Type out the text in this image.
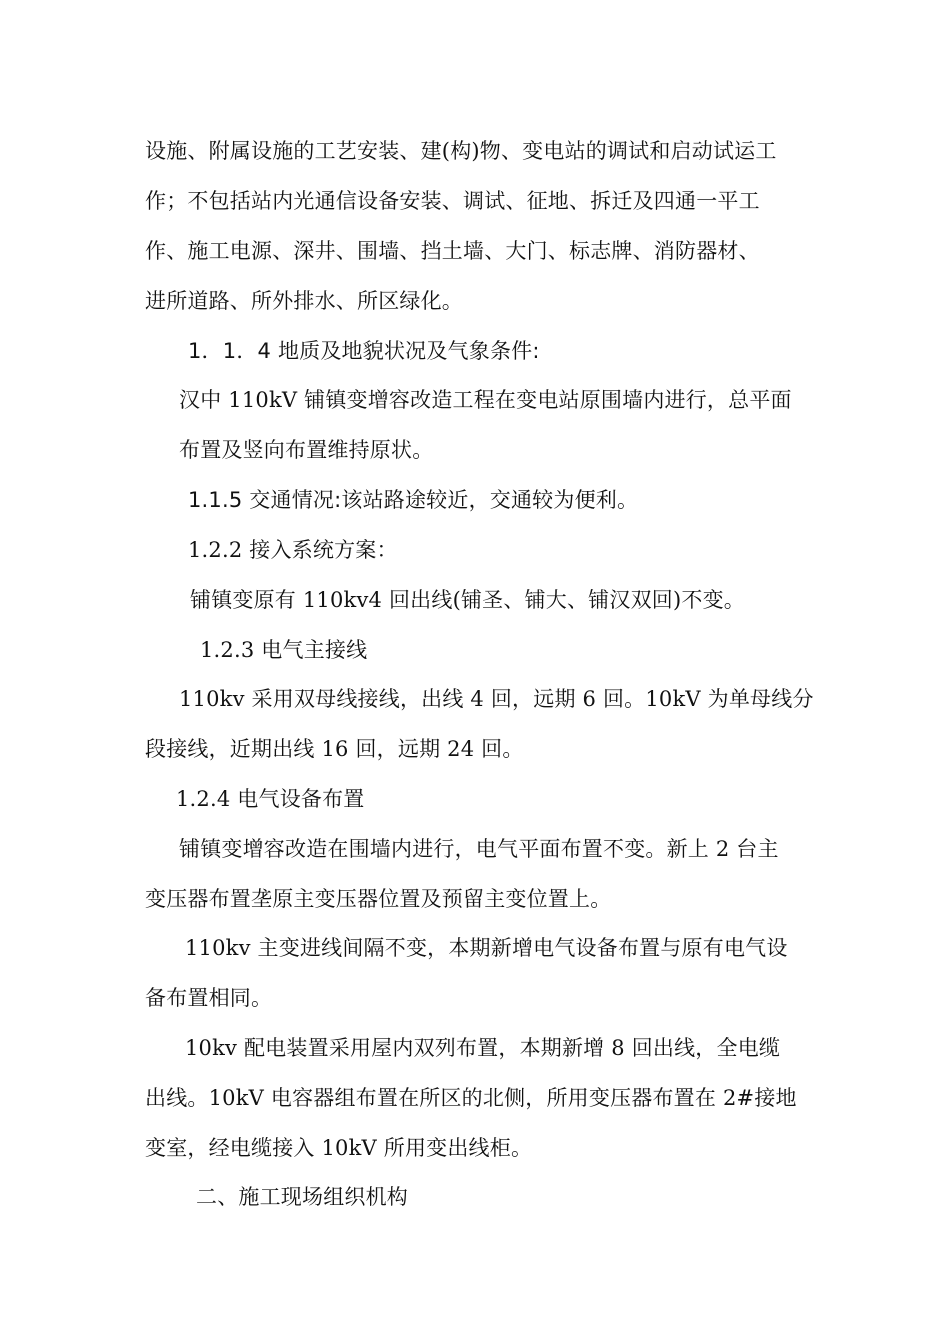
设施、附属设施的工艺安装、建(构)物、变电站的调试和启动试运工
作；不包括站内光通信设备安装、调试、征地、拆迁及四通一平工
作、施工电源、深井、围墙、挡土墙、大门、标志牌、消防器材、
进所道路、所外排水、所区绿化。
1．1．4 地质及地貌状况及气象条件:
汉中 110kV 铺镇变增容改造工程在变电站原围墙内进行，总平面
布置及竖向布置维持原状。
1.1.5 交通情况:该站路途较近，交通较为便利。
1.2.2 接入系统方案：
铺镇变原有 110kv4 回出线(铺圣、铺大、铺汉双回)不变。
1.2.3 电气主接线
110kv 采用双母线接线，出线 4 回，远期 6 回。10kV 为单母线分
段接线，近期出线 16 回，远期 24 回。
1.2.4 电气设备布置
铺镇变增容改造在围墙内进行，电气平面布置不变。新上 2 台主
变压器布置垄原主变压器位置及预留主变位置上。
110kv 主变进线间隔不变，本期新增电气设备布置与原有电气设
备布置相同。
10kv 配电装置采用屋内双列布置，本期新增 8 回出线，全电缆
出线。10kV 电容器组布置在所区的北侧，所用变压器布置在 2#接地
变室，经电缆接入 10kV 所用变出线柜。
二、施工现场组织机构
